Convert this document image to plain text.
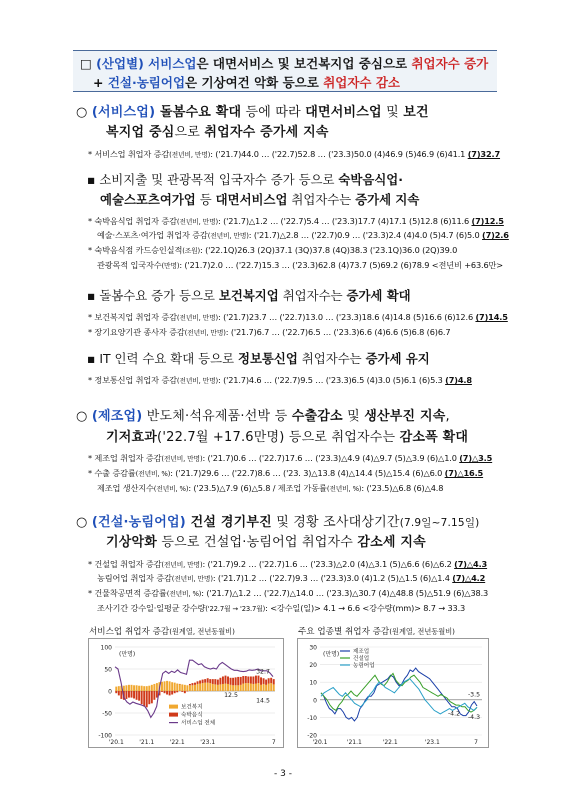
□ (산업별) 서비스업은 대면서비스 및 보건복지업 중심으로 취업자수 증가
+ 건설·농림어업은 기상여건 악화 등으로 취업자수 감소
○ (서비스업) 돌봄수요 확대 등에 따라 대면서비스업 및 보건
복지업 중심으로 취업자수 증가세 지속
* 서비스업 취업자 증감(전년비, 만명): ('21.7)44.0 … ('22.7)52.8 … ('23.3)50.0 (4)46.9 (5)46.9 (6)41.1 (7)32.7
▪ 소비지출 및 관광목적 입국자수 증가 등으로 숙박음식업·
예술스포츠여가업 등 대면서비스업 취업자수는 증가세 지속
* 숙박음식업 취업자 증감(전년비, 만명): ('21.7)△1.2 … ('22.7)5.4 … ('23.3)17.7 (4)17.1 (5)12.8 (6)11.6 (7)12.5
예술·스포츠·여가업 취업자 증감(전년비, 만명): ('21.7)△2.8 … ('22.7)0.9 … ('23.3)2.4 (4)4.0 (5)4.7 (6)5.0 (7)2.6
* 숙박음식점 카드승인실적(조원): ('22.1Q)26.3 (2Q)37.1 (3Q)37.8 (4Q)38.3 ('23.1Q)36.0 (2Q)39.0
관광목적 입국자수(만명): ('21.7)2.0 … ('22.7)15.3 … ('23.3)62.8 (4)73.7 (5)69.2 (6)78.9 <전년비 +63.6만>
▪ 돌봄수요 증가 등으로 보건복지업 취업자수는 증가세 확대
* 보건복지업 취업자 증감(전년비, 만명): ('21.7)23.7 … ('22.7)13.0 … ('23.3)18.6 (4)14.8 (5)16.6 (6)12.6 (7)14.5
* 장기요양기관 종사자 증감(전년비, 만명): ('21.7)6.7 … ('22.7)6.5 … ('23.3)6.6 (4)6.6 (5)6.8 (6)6.7
▪ IT 인력 수요 확대 등으로 정보통신업 취업자수는 증가세 유지
* 정보통신업 취업자 증감(전년비, 만명): ('21.7)4.6 … ('22.7)9.5 … ('23.3)6.5 (4)3.0 (5)6.1 (6)5.3 (7)4.8
○ (제조업) 반도체·석유제품·선박 등 수출감소 및 생산부진 지속,
기저효과('22.7월 +17.6만명) 등으로 취업자수는 감소폭 확대
* 제조업 취업자 증감(전년비, 만명): ('21.7)0.6 … ('22.7)17.6 … ('23.3)△4.9 (4)△9.7 (5)△3.9 (6)△1.0 (7)△3.5
* 수출 증감률(전년비, %): ('21.7)29.6 … ('22.7)8.6 … ('23. 3)△13.8 (4)△14.4 (5)△15.4 (6)△6.0 (7)△16.5
제조업 생산지수(전년비, %): ('23.5)△7.9 (6)△5.8 / 제조업 가동률(전년비, %): ('23.5)△6.8 (6)△4.8
○ (건설·농림어업) 건설 경기부진 및 경황 조사대상기간(7.9일~7.15일)
기상악화 등으로 건설업·농림어업 취업자수 감소세 지속
* 건설업 취업자 증감(전년비, 만명): ('21.7)9.2 … ('22.7)1.6 … ('23.3)△2.0 (4)△3.1 (5)△6.6 (6)△6.2 (7)△4.3
농림어업 취업자 증감(전년비, 만명): ('21.7)1.2 … ('22.7)9.3 … ('23.3)3.0 (4)1.2 (5)△1.5 (6)△1.4 (7)△4.2
* 건물착공면적 증감률(전년비, %): ('21.7)△1.2 … ('22.7)△14.0 … ('23.3)△30.7 (4)△48.8 (5)△51.9 (6)△38.3
조사기간 강수일·일평균 강수량('22.7월 → '23.7월): <강수일(일)> 4.1 → 6.6 <강수량(mm)> 8.7 → 33.3
서비스업 취업자 증감(원계열, 전년동월비)	주요 업종별 취업자 증감(원계열, 전년동월비)
100
50
0
-50
-100
(만명)
'20.1	'21.1	'22.1	'23.1	7
32.7
12.5
14.5
보건복지
숙박음식
서비스업 전체
30
20
10
0
-10
-20
(만명) 제조업
건설업
농림어업
'20.1	'21.1	'22.1	'23.1	7
-3.5
-4.2
-4.3
- 3 -
